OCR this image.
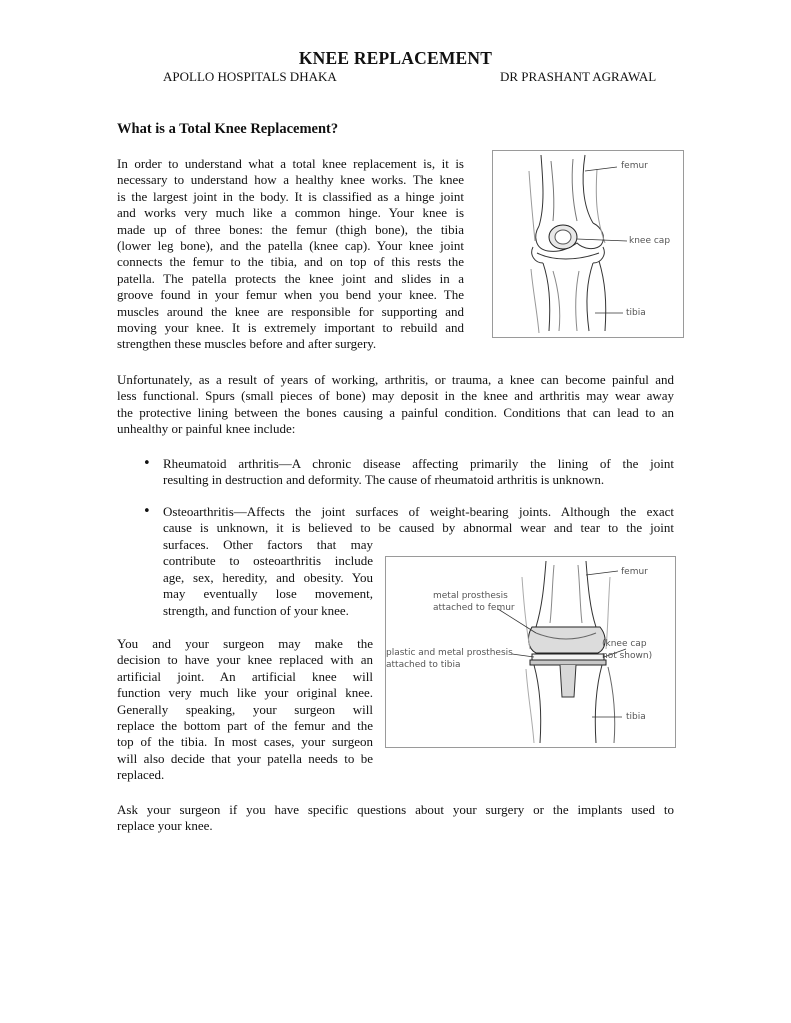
KNEE REPLACEMENT
APOLLO HOSPITALS DHAKA	DR PRASHANT AGRAWAL
What is a Total Knee Replacement?
In order to understand what a total knee replacement is, it is
necessary to understand how a healthy knee works. The knee
is the largest joint in the body. It is classified as a hinge joint
and works very much like a common hinge. Your knee is
made up of three bones: the femur (thigh bone), the tibia
(lower leg bone), and the patella (knee cap). Your knee joint
connects the femur to the tibia, and on top of this rests the
patella. The patella protects the knee joint and slides in a
groove found in your femur when you bend your knee. The
muscles around the knee are responsible for supporting and
moving your knee. It is extremely important to rebuild and
strengthen these muscles before and after surgery.
femur
knee cap
tibia
Unfortunately, as a result of years of working, arthritis, or trauma, a knee can become painful and
less functional. Spurs (small pieces of bone) may deposit in the knee and arthritis may wear away
the protective lining between the bones causing a painful condition. Conditions that can lead to an
unhealthy or painful knee include:
• Rheumatoid arthritis—A chronic disease affecting primarily the lining of the joint
resulting in destruction and deformity. The cause of rheumatoid arthritis is unknown.
• Osteoarthritis—Affects the joint surfaces of weight-bearing joints. Although the exact
cause is unknown, it is believed to be caused by abnormal wear and tear to the joint
surfaces. Other factors that may
contribute to osteoarthritis include
age, sex, heredity, and obesity. You
may eventually lose movement,
strength, and function of your knee.
femur
metal prosthesis
attached to femur
plastic and metal prosthesis
attached to tibia
(knee cap
not shown)
tibia
You and your surgeon may make the
decision to have your knee replaced with an
artificial joint. An artificial knee will
function very much like your original knee.
Generally speaking, your surgeon will
replace the bottom part of the femur and the
top of the tibia. In most cases, your surgeon
will also decide that your patella needs to be
replaced.
Ask your surgeon if you have specific questions about your surgery or the implants used to
replace your knee.
